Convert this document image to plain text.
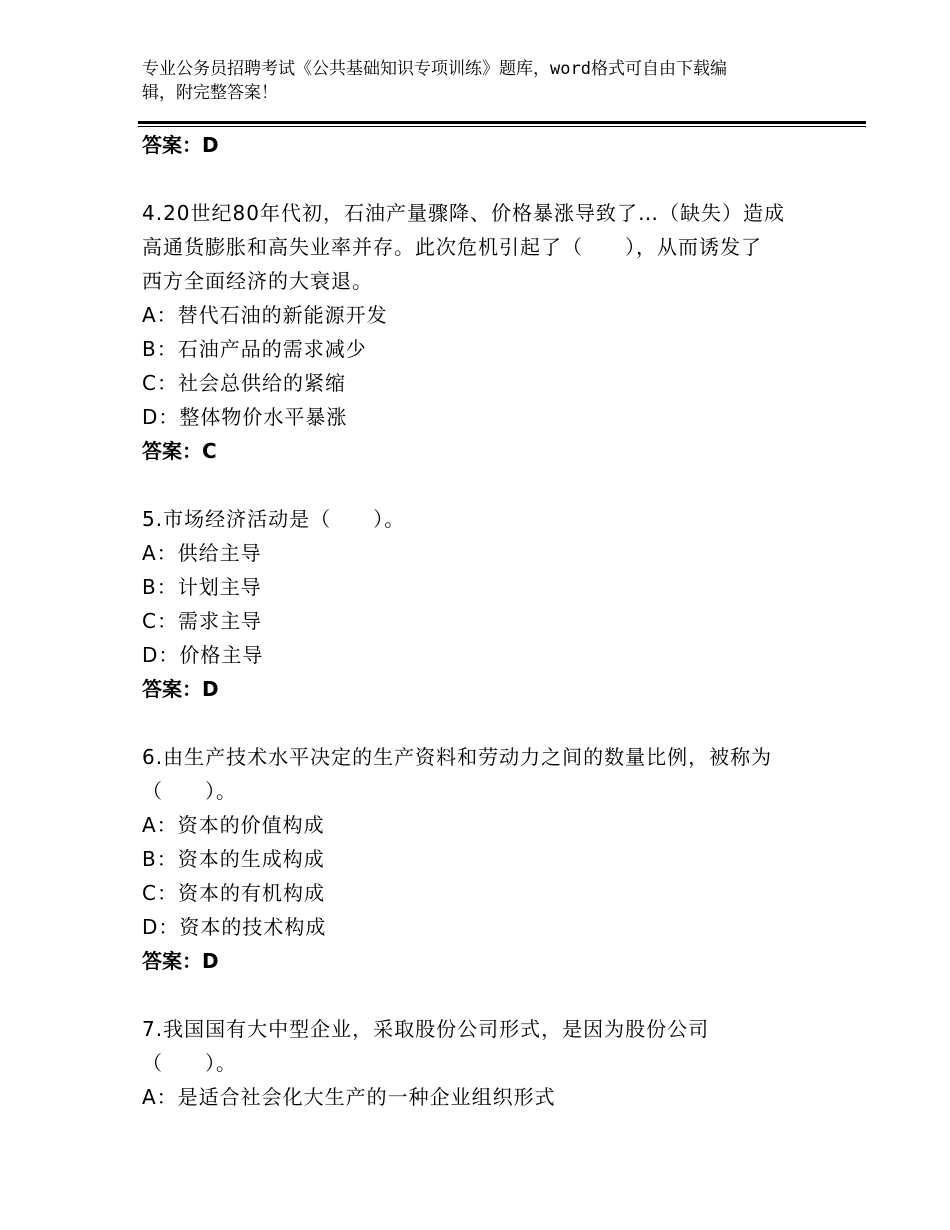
专业公务员招聘考试《公共基础知识专项训练》题库，word格式可自由下载编
辑，附完整答案！
答案：D
4.20世纪80年代初，石油产量骤降、价格暴涨导致了…（缺失）造成
高通货膨胀和高失业率并存。此次危机引起了（　　），从而诱发了
西方全面经济的大衰退。
A：替代石油的新能源开发
B：石油产品的需求减少
C：社会总供给的紧缩
D：整体物价水平暴涨
答案：C
5.市场经济活动是（　　）。
A：供给主导
B：计划主导
C：需求主导
D：价格主导
答案：D
6.由生产技术水平决定的生产资料和劳动力之间的数量比例，被称为
（　　）。
A：资本的价值构成
B：资本的生成构成
C：资本的有机构成
D：资本的技术构成
答案：D
7.我国国有大中型企业，采取股份公司形式，是因为股份公司
（　　）。
A：是适合社会化大生产的一种企业组织形式
